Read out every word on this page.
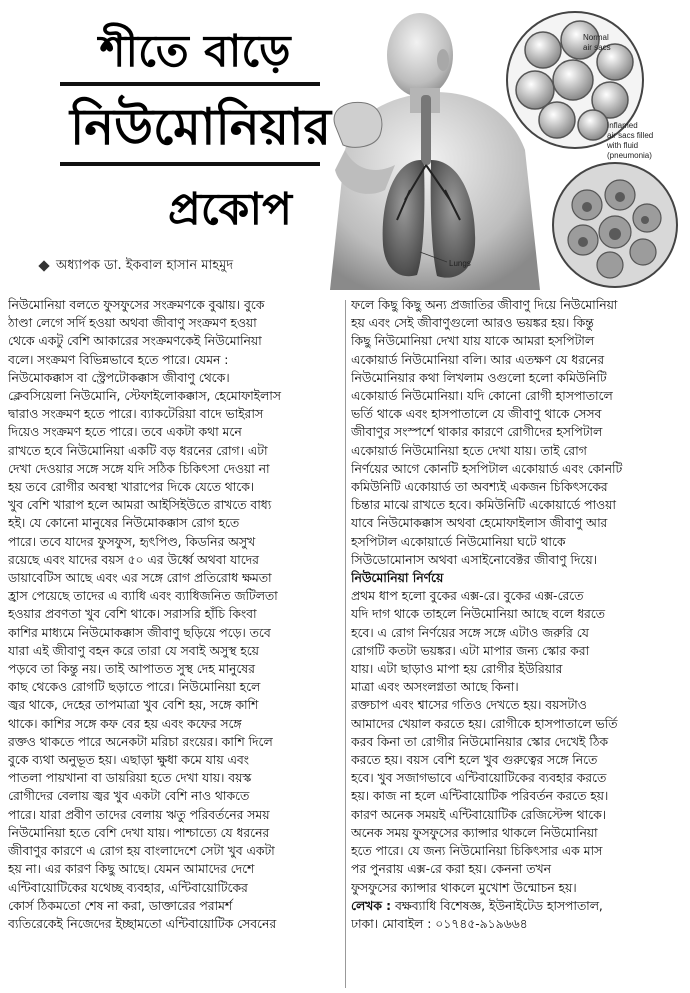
শীতে বাড়ে
নিউমোনিয়ার
প্রকোপ
অধ্যাপক ডা. ইকবাল হাসান মাহমুদ	Lungs
Normal
air sacs
Inflamed
air sacs filled
with fluid
(pneumonia)
নিউমোনিয়া বলতে ফুসফুসের সংক্রমণকে বুঝায়। বুকে
ঠাণ্ডা লেগে সর্দি হওয়া অথবা জীবাণু সংক্রমণ হওয়া
থেকে একটু বেশি আকারের সংক্রমণকেই নিউমোনিয়া
বলে। সংক্রমণ বিভিন্নভাবে হতে পারে। যেমন :
নিউমোকক্কাস বা স্ট্রেপটোকক্কাস জীবাণু থেকে।
ক্লেবসিয়েলা নিউমোনি, স্টেফাইলোকক্কাস, হেমোফাইলাস
দ্বারাও সংক্রমণ হতে পারে। ব্যাকটেরিয়া বাদে ভাইরাস
দিয়েও সংক্রমণ হতে পারে। তবে একটা কথা মনে
রাখতে হবে নিউমোনিয়া একটি বড় ধরনের রোগ। এটা
দেখা দেওয়ার সঙ্গে সঙ্গে যদি সঠিক চিকিৎসা দেওয়া না
হয় তবে রোগীর অবস্থা খারাপের দিকে যেতে থাকে।
খুব বেশি খারাপ হলে আমরা আইসিইউতে রাখতে বাধ্য
হই। যে কোনো মানুষের নিউমোকক্কাস রোগ হতে
পারে। তবে যাদের ফুসফুস, হৃৎপিণ্ড, কিডনির অসুখ
রয়েছে এবং যাদের বয়স ৫০ এর উর্ধ্বে অথবা যাদের
ডায়াবেটিস আছে এবং এর সঙ্গে রোগ প্রতিরোধ ক্ষমতা
হ্রাস পেয়েছে তাদের এ ব্যাধি এবং ব্যাধিজনিত জটিলতা
হওয়ার প্রবণতা খুব বেশি থাকে। সরাসরি হাঁচি কিংবা
কাশির মাধ্যমে নিউমোকক্কাস জীবাণু ছড়িয়ে পড়ে। তবে
যারা এই জীবাণু বহন করে তারা যে সবাই অসুস্থ হয়ে
পড়বে তা কিন্তু নয়। তাই আপাতত সুস্থ দেহ মানুষের
কাছ থেকেও রোগটি ছড়াতে পারে। নিউমোনিয়া হলে
জ্বর থাকে, দেহের তাপমাত্রা খুব বেশি হয়, সঙ্গে কাশি
থাকে। কাশির সঙ্গে কফ বের হয় এবং কফের সঙ্গে
রক্তও থাকতে পারে অনেকটা মরিচা রংয়ের। কাশি দিলে
বুকে ব্যথা অনুভূত হয়। এছাড়া ক্ষুধা কমে যায় এবং
পাতলা পায়খানা বা ডায়রিয়া হতে দেখা যায়। বয়স্ক
রোগীদের বেলায় জ্বর খুব একটা বেশি নাও থাকতে
পারে। যারা প্রবীণ তাদের বেলায় ঋতু পরিবর্তনের সময়
নিউমোনিয়া হতে বেশি দেখা যায়। পাশ্চাত্যে যে ধরনের
জীবাণুর কারণে এ রোগ হয় বাংলাদেশে সেটা খুব একটা
হয় না। এর কারণ কিছু আছে। যেমন আমাদের দেশে
এন্টিবায়োটিকের যথেচ্ছ ব্যবহার, এন্টিবায়োটিকের
কোর্স ঠিকমতো শেষ না করা, ডাক্তারের পরামর্শ
ব্যতিরেকেই নিজেদের ইচ্ছামতো এন্টিবায়োটিক সেবনের
ফলে কিছু কিছু অন্য প্রজাতির জীবাণু দিয়ে নিউমোনিয়া
হয় এবং সেই জীবাণুগুলো আরও ভয়ঙ্কর হয়। কিন্তু
কিছু নিউমোনিয়া দেখা যায় যাকে আমরা হসপিটাল
একোয়ার্ড নিউমোনিয়া বলি। আর এতক্ষণ যে ধরনের
নিউমোনিয়ার কথা লিখলাম ওগুলো হলো কমিউনিটি
একোয়ার্ড নিউমোনিয়া। যদি কোনো রোগী হাসপাতালে
ভর্তি থাকে এবং হাসপাতালে যে জীবাণু থাকে সেসব
জীবাণুর সংস্পর্শে থাকার কারণে রোগীদের হসপিটাল
একোয়ার্ড নিউমোনিয়া হতে দেখা যায়। তাই রোগ
নির্ণয়ের আগে কোনটি হসপিটাল একোয়ার্ড এবং কোনটি
কমিউনিটি একোয়ার্ড তা অবশ্যই একজন চিকিৎসকের
চিন্তার মাঝে রাখতে হবে। কমিউনিটি একোয়ার্ডে পাওয়া
যাবে নিউমোকক্কাস অথবা হেমোফাইলাস জীবাণু আর
হসপিটাল একোয়ার্ডে নিউমোনিয়া ঘটে থাকে
সিউডোমোনাস অথবা এসাইনোবেক্টর জীবাণু দিয়ে।
নিউমোনিয়া নির্ণয়ে
প্রথম ধাপ হলো বুকের এক্স-রে। বুকের এক্স-রেতে
যদি দাগ থাকে তাহলে নিউমোনিয়া আছে বলে ধরতে
হবে। এ রোগ নির্ণয়ের সঙ্গে সঙ্গে এটাও জরুরি যে
রোগটি কতটা ভয়ঙ্কর। এটা মাপার জন্য স্কোর করা
যায়। এটা ছাড়াও মাপা হয় রোগীর ইউরিয়ার
মাত্রা এবং অসংলগ্নতা আছে কিনা।
রক্তচাপ এবং শ্বাসের গতিও দেখতে হয়। বয়সটাও
আমাদের খেয়াল করতে হয়। রোগীকে হাসপাতালে ভর্তি
করব কিনা তা রোগীর নিউমোনিয়ার স্কোর দেখেই ঠিক
করতে হয়। বয়স বেশি হলে খুব গুরুত্বের সঙ্গে নিতে
হবে। খুব সজাগভাবে এন্টিবায়োটিকের ব্যবহার করতে
হয়। কাজ না হলে এন্টিবায়োটিক পরিবর্তন করতে হয়।
কারণ অনেক সময়ই এন্টিবায়োটিক রেজিস্টেন্স থাকে।
অনেক সময় ফুসফুসের ক্যান্সার থাকলে নিউমোনিয়া
হতে পারে। যে জন্য নিউমোনিয়া চিকিৎসার এক মাস
পর পুনরায় এক্স-রে করা হয়। কেননা তখন
ফুসফুসের ক্যান্সার থাকলে মুখোশ উন্মোচন হয়।
লেখক : বক্ষব্যাধি বিশেষজ্ঞ, ইউনাইটেড হাসপাতাল,
ঢাকা। মোবাইল : ০১৭৪৫-৯১৯৬৬৪
